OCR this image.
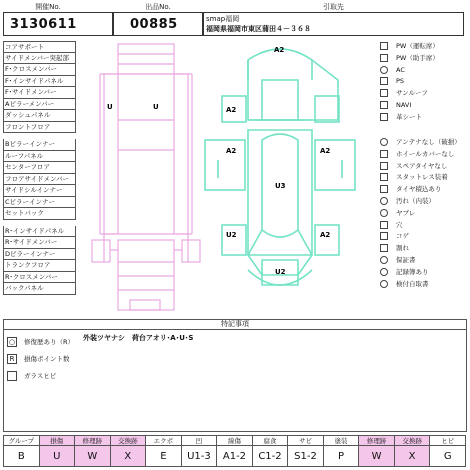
開催No.
3130611
出品No.
00885
引取先
smap福岡
福岡県福岡市東区蒲田４－３６８
コアサポート
サイドメンバー突起部
F･クロスメンバー
F･インサイドパネル
F･サイドメンバー
Aピラーメンバー
ダッシュパネル
フロントフロア
Bピラーインナー
ルーフパネル
センターフロア
フロアサイドメンバー
サイドシルインナー
Cピラーインナー
セットバック
R･インサイドパネル
R･サイドメンバー
Dピラーインナー
トランクフロア
R･クロスメンバー
バックパネル
U	U
A2
A2
A2	A2
U3
U2	A2
U2
PW（運転席）
PW（助手席）
AC
PS
サンルーフ
NAVI
革シート
アンテナなし（破損）
ホイールカバーなし
スペアタイヤなし
スタットレス装着
タイヤ積込あり
汚れ（内装）
ヤブレ
穴
コゲ
割れ
保証書
記録簿あり
検付自取書
特記事項
外装ツヤナシ　荷台アオリ･A･U･S
○	修復歴あり（R）
R	損傷ポイント数
ガラスヒビ
グループ	損傷	修理跡	交換跡	エクボ	凹	線傷	腐食	サビ	塗装	修理跡	交換跡	ヒビ
B	U	W	X	E	U1-3	A1-2	C1-2	S1-2	P	W	X	G
